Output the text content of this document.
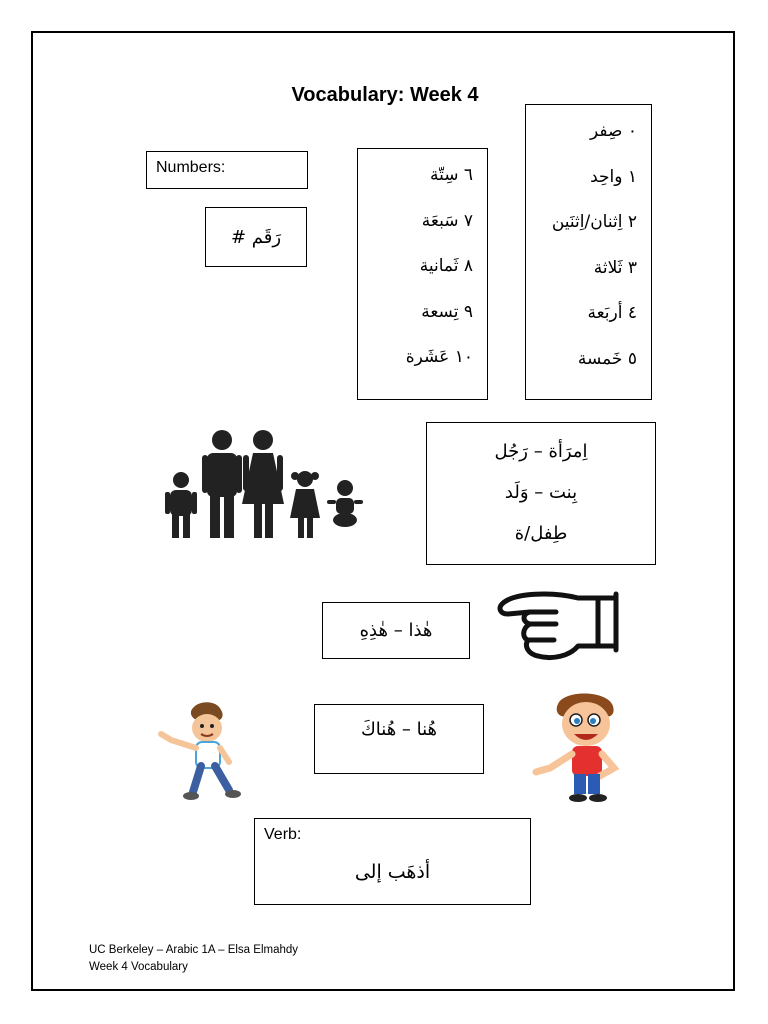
Vocabulary: Week 4
Numbers:
رَقَم #
٦ سِتّة
٧ سَبعَة
٨ ثَمانية
٩ تِسعة
١٠ عَشَرة
٠ صِفر
١ واحِد
٢ اِثنان/اِثنَين
٣ ثَلاثة
٤ أربَعة
٥ خَمسة
اِمرَأة – رَجُل
بِنت – وَلَد
طِفل/ة
هٰذا – هٰذِهِ
هُنا – هُناكَ
Verb:
أذهَب إلى
UC Berkeley – Arabic 1A – Elsa Elmahdy
Week 4 Vocabulary
